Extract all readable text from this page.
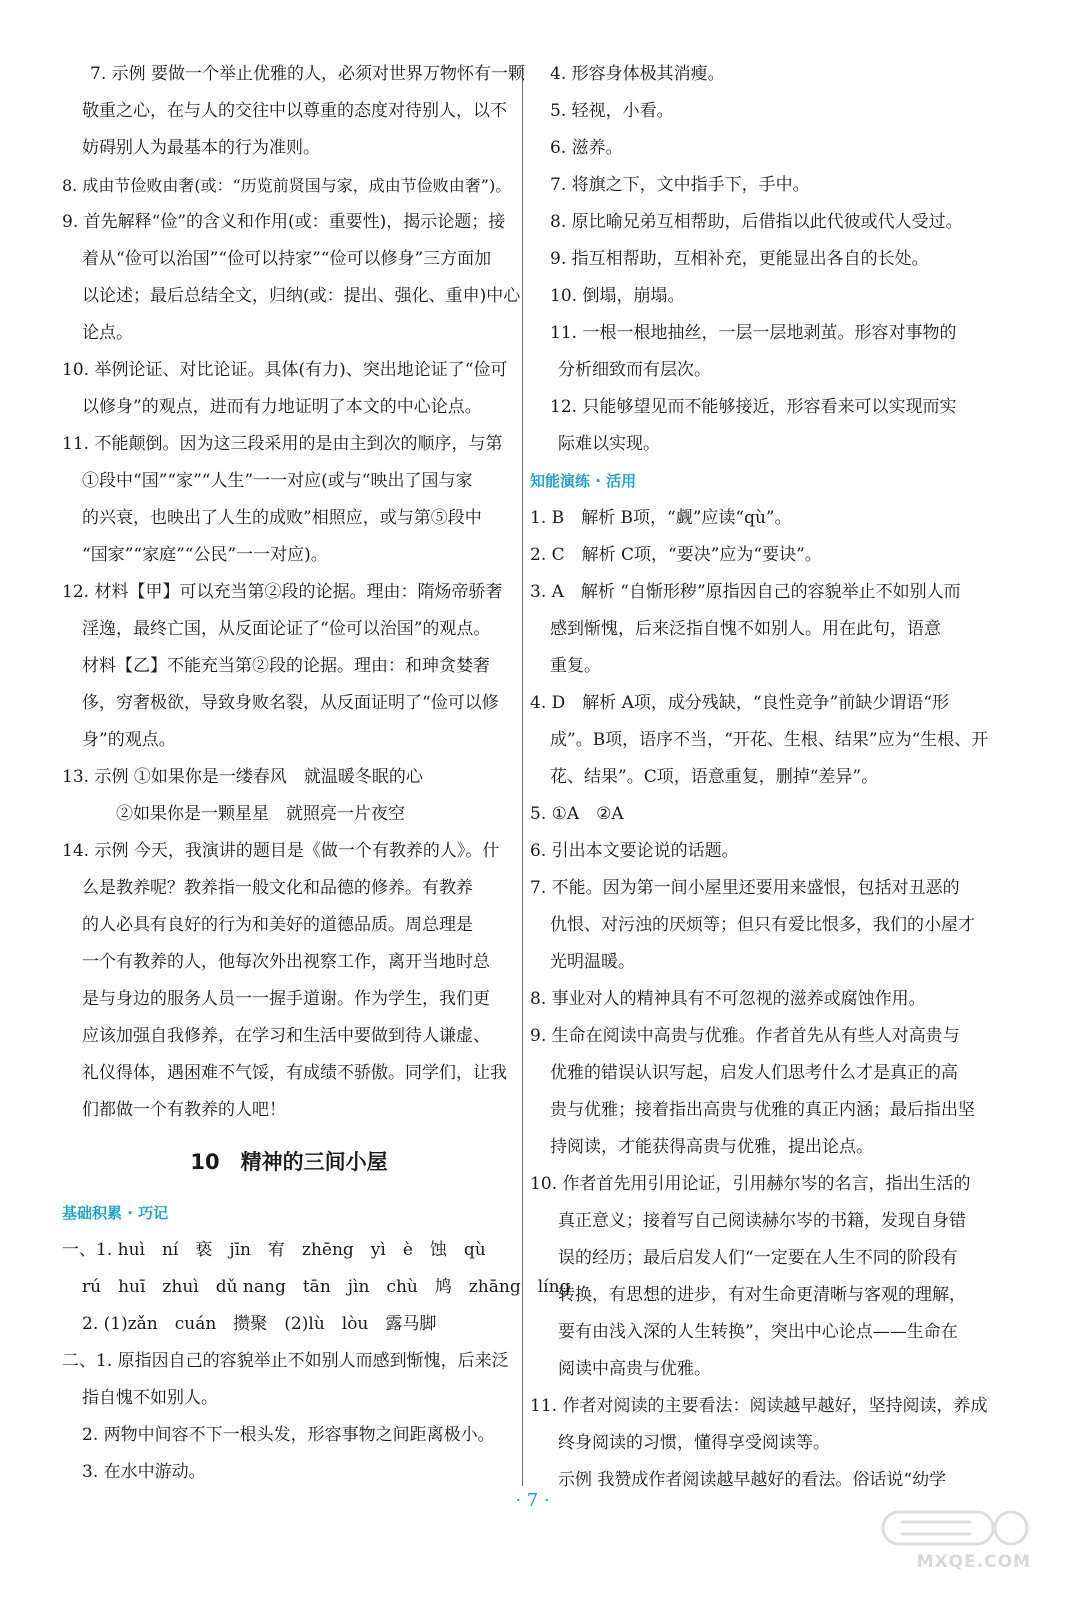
7. 示例 要做一个举止优雅的人，必须对世界万物怀有一颗
敬重之心，在与人的交往中以尊重的态度对待别人，以不
妨碍别人为最基本的行为准则。
8. 成由节俭败由奢(或：“历览前贤国与家，成由节俭败由奢”)。
9. 首先解释“俭”的含义和作用(或：重要性)，揭示论题；接
着从“俭可以治国”“俭可以持家”“俭可以修身”三方面加
以论述；最后总结全文，归纳(或：提出、强化、重申)中心
论点。
10. 举例论证、对比论证。具体(有力)、突出地论证了“俭可
以修身”的观点，进而有力地证明了本文的中心论点。
11. 不能颠倒。因为这三段采用的是由主到次的顺序，与第
①段中“国”“家”“人生”一一对应(或与“映出了国与家
的兴衰，也映出了人生的成败”相照应，或与第⑤段中
“国家”“家庭”“公民”一一对应)。
12. 材料【甲】可以充当第②段的论据。理由：隋炀帝骄奢
淫逸，最终亡国，从反面论证了“俭可以治国”的观点。
材料【乙】不能充当第②段的论据。理由：和珅贪婪奢
侈，穷奢极欲，导致身败名裂，从反面证明了“俭可以修
身”的观点。
13. 示例 ①如果你是一缕春风　就温暖冬眠的心
②如果你是一颗星星　就照亮一片夜空
14. 示例 今天，我演讲的题目是《做一个有教养的人》。什
么是教养呢？教养指一般文化和品德的修养。有教养
的人必具有良好的行为和美好的道德品质。周总理是
一个有教养的人，他每次外出视察工作，离开当地时总
是与身边的服务人员一一握手道谢。作为学生，我们更
应该加强自我修养，在学习和生活中要做到待人谦虚、
礼仪得体，遇困难不气馁，有成绩不骄傲。同学们，让我
们都做一个有教养的人吧！
10　精神的三间小屋
基础积累 · 巧记
一、1. huì　ní　亵　jīn　宥　zhēng　yì　è　蚀　qù
rú　huī　zhuì　dǔ nang　tān　jìn　chù　鸠　zhāng　líng
2. (1)zǎn　cuán　攒聚　(2)lù　lòu　露马脚
二、1. 原指因自己的容貌举止不如别人而感到惭愧，后来泛
指自愧不如别人。
2. 两物中间容不下一根头发，形容事物之间距离极小。
3. 在水中游动。
4. 形容身体极其消瘦。
5. 轻视，小看。
6. 滋养。
7. 将旗之下，文中指手下，手中。
8. 原比喻兄弟互相帮助，后借指以此代彼或代人受过。
9. 指互相帮助，互相补充，更能显出各自的长处。
10. 倒塌，崩塌。
11. 一根一根地抽丝，一层一层地剥茧。形容对事物的
分析细致而有层次。
12. 只能够望见而不能够接近，形容看来可以实现而实
际难以实现。
知能演练 · 活用
1. B　解析 B项，“觑”应读“qù”。
2. C　解析 C项，“要决”应为“要诀”。
3. A　解析 “自惭形秽”原指因自己的容貌举止不如别人而
感到惭愧，后来泛指自愧不如别人。用在此句，语意
重复。
4. D　解析 A项，成分残缺，“良性竞争”前缺少谓语“形
成”。B项，语序不当，“开花、生根、结果”应为“生根、开
花、结果”。C项，语意重复，删掉“差异”。
5. ①A　②A
6. 引出本文要论说的话题。
7. 不能。因为第一间小屋里还要用来盛恨，包括对丑恶的
仇恨、对污浊的厌烦等；但只有爱比恨多，我们的小屋才
光明温暖。
8. 事业对人的精神具有不可忽视的滋养或腐蚀作用。
9. 生命在阅读中高贵与优雅。作者首先从有些人对高贵与
优雅的错误认识写起，启发人们思考什么才是真正的高
贵与优雅；接着指出高贵与优雅的真正内涵；最后指出坚
持阅读，才能获得高贵与优雅，提出论点。
10. 作者首先用引用论证，引用赫尔岑的名言，指出生活的
真正意义；接着写自己阅读赫尔岑的书籍，发现自身错
误的经历；最后启发人们“一定要在人生不同的阶段有
转换，有思想的进步，有对生命更清晰与客观的理解，
要有由浅入深的人生转换”，突出中心论点——生命在
阅读中高贵与优雅。
11. 作者对阅读的主要看法：阅读越早越好，坚持阅读，养成
终身阅读的习惯，懂得享受阅读等。
示例 我赞成作者阅读越早越好的看法。俗话说“幼学
· 7 ·
MXQE.COM
